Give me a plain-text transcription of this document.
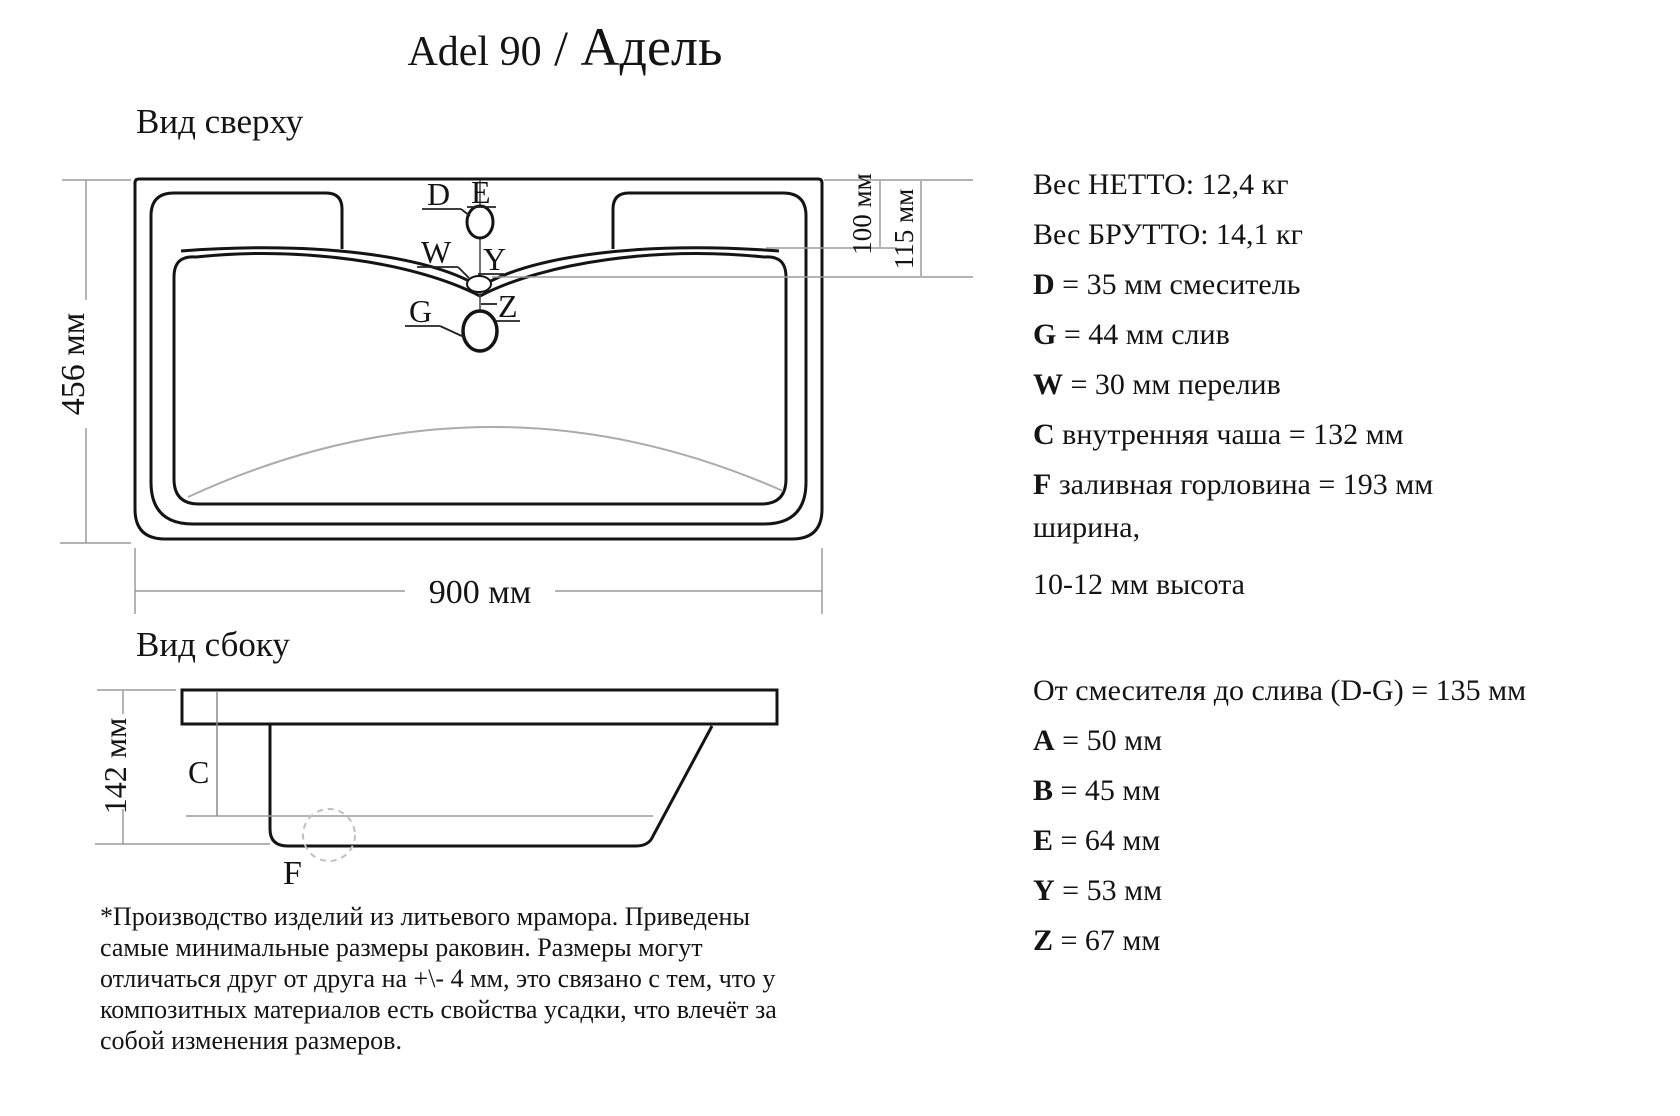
Adel 90 / Адель
Вид сверху
D E
W Y
G Z
456 мм
900 мм
100 мм 115 мм
Вид сбоку
C
F
142 мм
Вес НЕТТО: 12,4 кг
Вес БРУТТО: 14,1 кг
D = 35 мм смеситель
G = 44 мм слив
W = 30 мм перелив
C внутренняя чаша = 132 мм
F заливная горловина = 193 мм
ширина,
10-12 мм высота
От смесителя до слива (D-G) = 135 мм
A = 50 мм
B = 45 мм
E = 64 мм
Y = 53 мм
Z = 67 мм
*Производство изделий из литьевого мрамора. Приведены
самые минимальные размеры раковин. Размеры могут
отличаться друг от друга на +\- 4 мм, это связано с тем, что у
композитных материалов есть свойства усадки, что влечёт за
собой изменения размеров.
